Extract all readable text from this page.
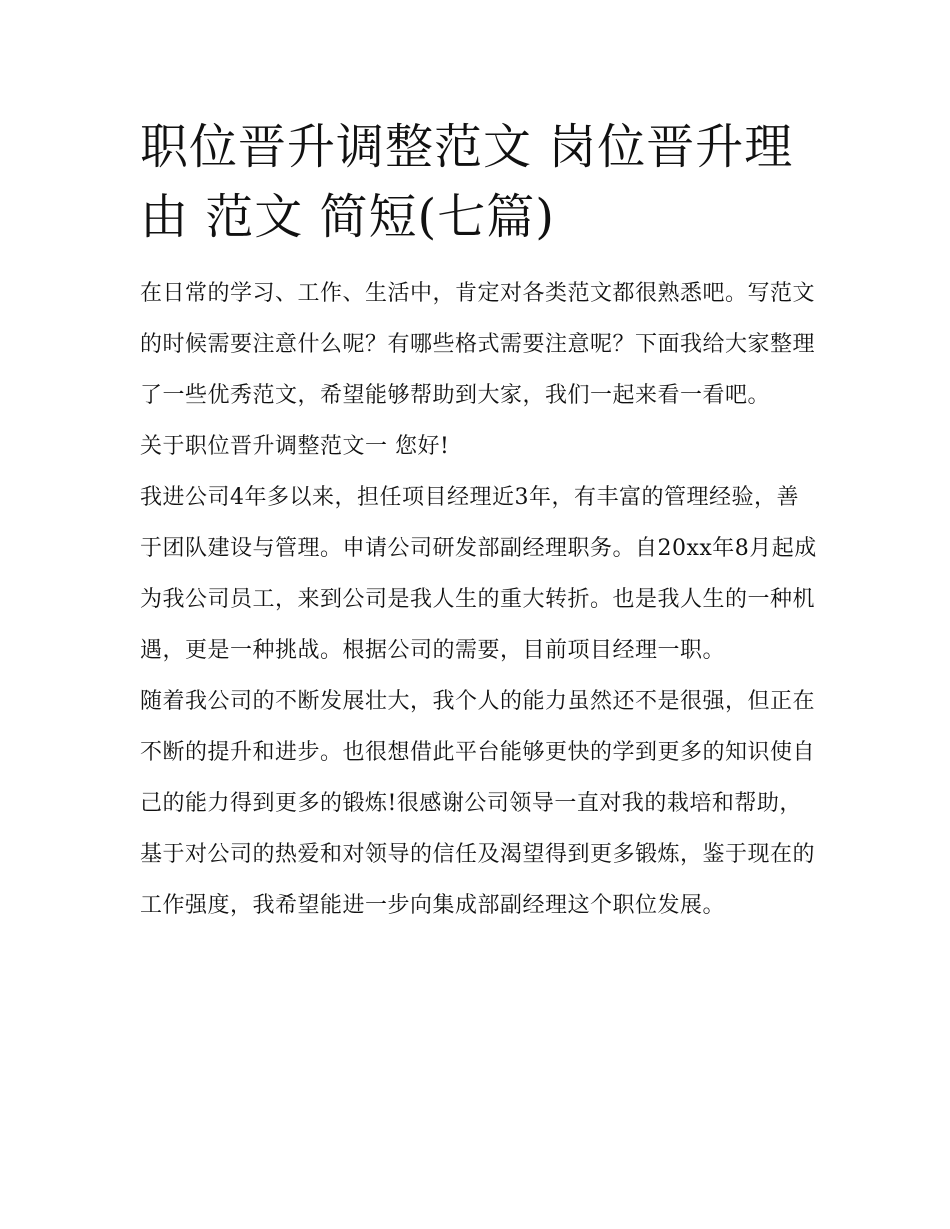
职位晋升调整范文 岗位晋升理由 范文 简短(七篇)

在日常的学习、工作、生活中，肯定对各类范文都很熟悉吧。写范文的时候需要注意什么呢？有哪些格式需要注意呢？下面我给大家整理了一些优秀范文，希望能够帮助到大家，我们一起来看一看吧。

关于职位晋升调整范文一 您好!

我进公司4年多以来，担任项目经理近3年，有丰富的管理经验，善于团队建设与管理。申请公司研发部副经理职务。自20xx年8月起成为我公司员工，来到公司是我人生的重大转折。也是我人生的一种机遇，更是一种挑战。根据公司的需要，目前项目经理一职。

随着我公司的不断发展壮大，我个人的能力虽然还不是很强，但正在不断的提升和进步。也很想借此平台能够更快的学到更多的知识使自己的能力得到更多的锻炼!很感谢公司领导一直对我的栽培和帮助，基于对公司的热爱和对领导的信任及渴望得到更多锻炼，鉴于现在的工作强度，我希望能进一步向集成部副经理这个职位发展。
